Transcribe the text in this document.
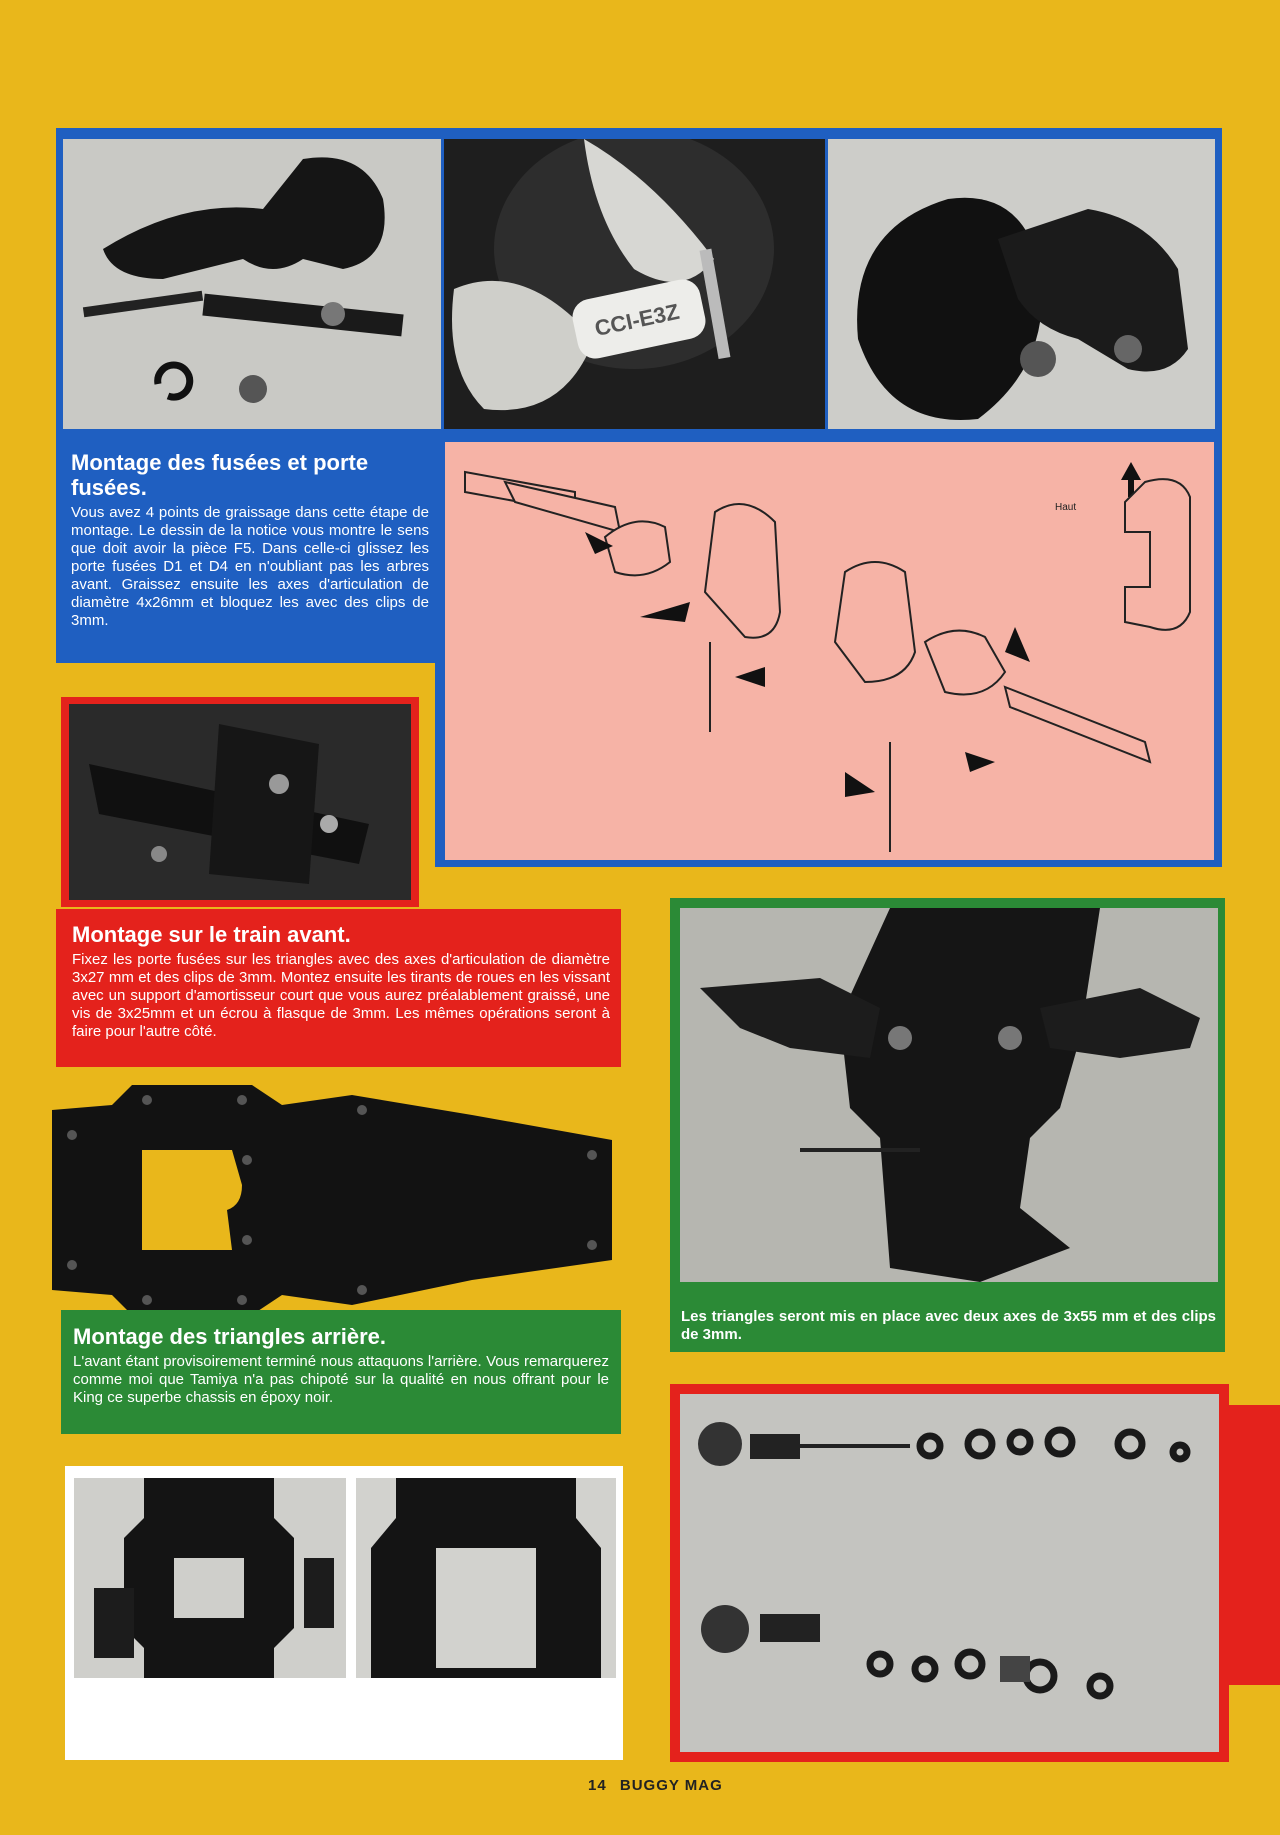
CCI-E3Z

Montage des fusées et porte fusées.

Vous avez 4 points de graissage dans cette étape de montage. Le dessin de la notice vous montre le sens que doit avoir la pièce F5. Dans celle-ci glissez les porte fusées D1 et D4 en n'oubliant pas les arbres avant. Graissez ensuite les axes d'articulation de diamètre 4x26mm et bloquez les avec des clips de 3mm.

Haut

Montage sur le train avant.

Fixez les porte fusées sur les triangles avec des axes d'articulation de diamètre 3x27 mm et des clips de 3mm. Montez ensuite les tirants de roues en les vissant avec un support d'amortisseur court que vous aurez préalablement graissé, une vis de 3x25mm et un écrou à flasque de 3mm. Les mêmes opérations seront à faire pour l'autre côté.

Montage des triangles arrière.

L'avant étant provisoirement terminé nous attaquons l'arrière. Vous remarquerez comme moi que Tamiya n'a pas chipoté sur la qualité en nous offrant pour le King ce superbe chassis en époxy noir.

Les triangles seront mis en place avec deux axes de 3x55 mm et des clips de 3mm.

14 BUGGY MAG
